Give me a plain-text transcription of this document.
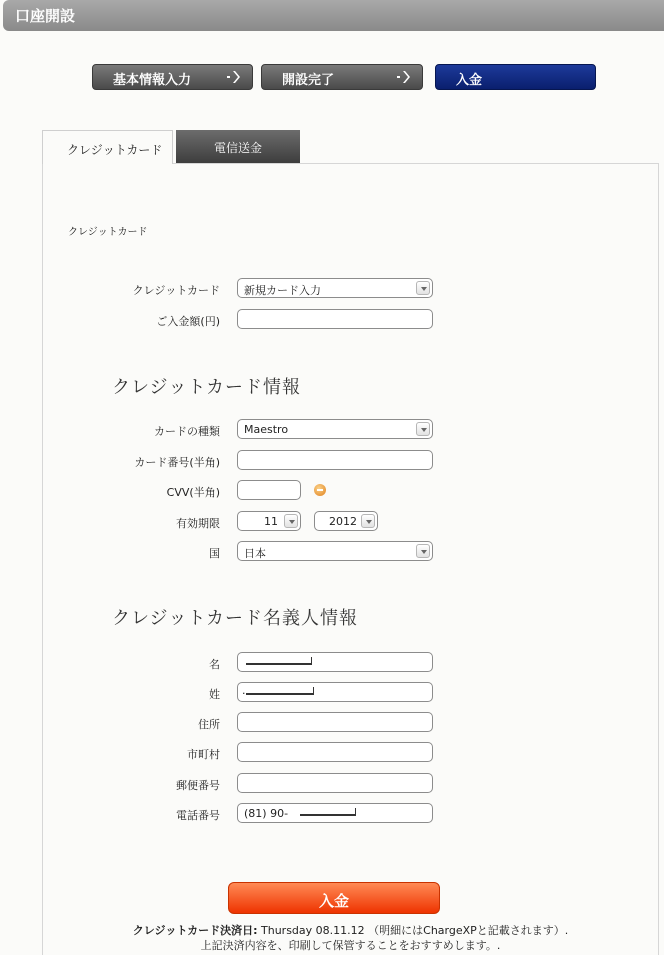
口座開設
基本情報入力	開設完了	入金
クレジットカード	電信送金
クレジットカード
クレジットカード	新規カード入力
ご入金額(円)
クレジットカード情報
カードの種類	Maestro
カード番号(半角)
CVV(半角)
有効期限	11	2012
国	日本
クレジットカード名義人情報
名
姓 .
住所
市町村
郵便番号
電話番号	(81) 90-
入金
クレジットカード決済日: Thursday 08.11.12 （明細にはChargeXPと記載されます）.
上記決済内容を、印刷して保管することをおすすめします。.
